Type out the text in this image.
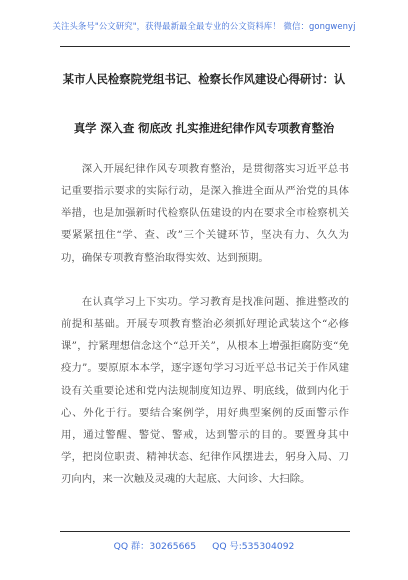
关注头条号"公文研究"，获得最新最全最专业的公文资料库！ 微信：gongwenyj
某市人民检察院党组书记、检察长作风建设心得研讨：认
真学 深入查 彻底改 扎实推进纪律作风专项教育整治

深入开展纪律作风专项教育整治，是贯彻落实习近平总书记重要指示要求的实际行动，是深入推进全面从严治党的具体举措，也是加强新时代检察队伍建设的内在要求全市检察机关要紧紧扭住“学、查、改”三个关键环节，坚决有力、久久为功，确保专项教育整治取得实效、达到预期。

在认真学习上下实功。学习教育是找准问题、推进整改的前提和基础。开展专项教育整治必须抓好理论武装这个“必修课”，拧紧理想信念这个“总开关”，从根本上增强拒腐防变“免疫力”。要原原本本学，逐字逐句学习习近平总书记关于作风建设有关重要论述和党内法规制度知边界、明底线，做到内化于心、外化于行。要结合案例学，用好典型案例的反面警示作用，通过警醒、警觉、警戒，达到警示的目的。要置身其中学，把岗位职责、精神状态、纪律作风摆进去，躬身入局、刀刃向内，来一次触及灵魂的大起底、大问诊、大扫除。

QQ 群：30265665 QQ 号:535304092
